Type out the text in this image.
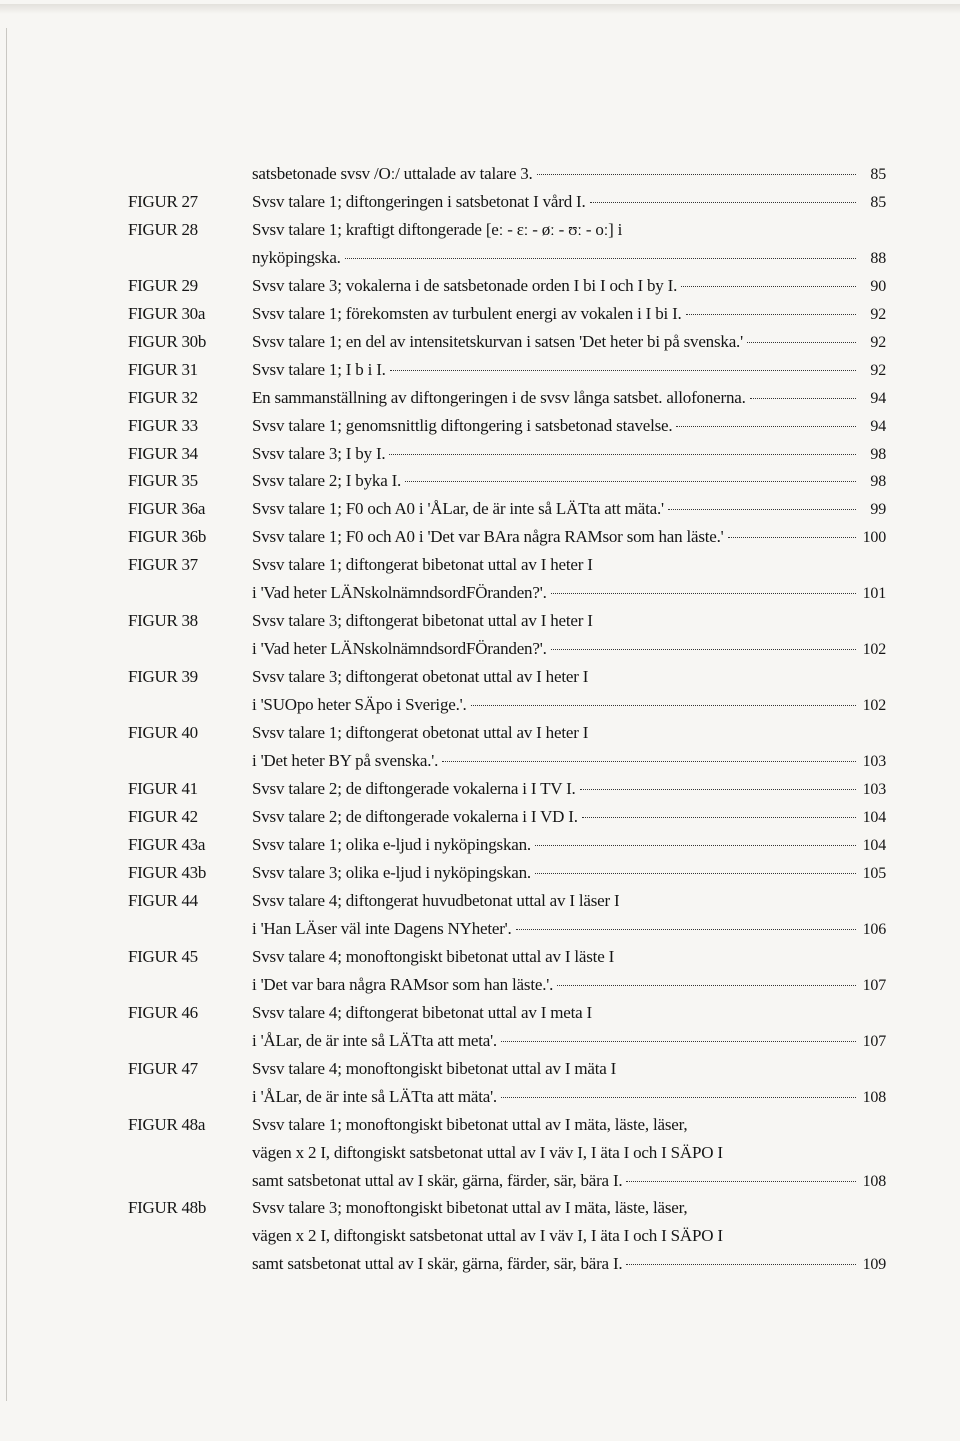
satsbetonade svsv /Oː/ uttalade av talare 3.	85
FIGUR 27	Svsv talare 1; diftongeringen i satsbetonat I vård I.	85
FIGUR 28	Svsv talare 1; kraftigt diftongerade [eː - ɛː - øː - ʊː - oː] i
nyköpingska.	88
FIGUR 29	Svsv talare 3; vokalerna i de satsbetonade orden I bi I och I by I.	90
FIGUR 30a	Svsv talare 1; förekomsten av turbulent energi av vokalen i I bi I.	92
FIGUR 30b	Svsv talare 1; en del av intensitetskurvan i satsen 'Det heter bi på svenska.'	92
FIGUR 31	Svsv talare 1; I b i I.	92
FIGUR 32	En sammanställning av diftongeringen i de svsv långa satsbet. allofonerna.	94
FIGUR 33	Svsv talare 1; genomsnittlig diftongering i satsbetonad stavelse.	94
FIGUR 34	Svsv talare 3; I by I.	98
FIGUR 35	Svsv talare 2; I byka I.	98
FIGUR 36a	Svsv talare 1; F0 och A0 i 'ÅLar, de är inte så LÄTta att mäta.'	99
FIGUR 36b	Svsv talare 1; F0 och A0 i 'Det var BAra några RAMsor som han läste.'	100
FIGUR 37	Svsv talare 1; diftongerat bibetonat uttal av I heter I
i 'Vad heter LÄNskolnämndsordFÖranden?'.	101
FIGUR 38	Svsv talare 3; diftongerat bibetonat uttal av I heter I
i 'Vad heter LÄNskolnämndsordFÖranden?'.	102
FIGUR 39	Svsv talare 3; diftongerat obetonat uttal av I heter I
i 'SUOpo heter SÄpo i Sverige.'.	102
FIGUR 40	Svsv talare 1; diftongerat obetonat uttal av I heter I
i 'Det heter BY på svenska.'.	103
FIGUR 41	Svsv talare 2; de diftongerade vokalerna i I TV I.	103
FIGUR 42	Svsv talare 2; de diftongerade vokalerna i I VD I.	104
FIGUR 43a	Svsv talare 1; olika e-ljud i nyköpingskan.	104
FIGUR 43b	Svsv talare 3; olika e-ljud i nyköpingskan.	105
FIGUR 44	Svsv talare 4; diftongerat huvudbetonat uttal av I läser I
i 'Han LÄser väl inte Dagens NYheter'.	106
FIGUR 45	Svsv talare 4; monoftongiskt bibetonat uttal av I läste I
i 'Det var bara några RAMsor som han läste.'.	107
FIGUR 46	Svsv talare 4; diftongerat bibetonat uttal av I meta I
i 'ÅLar, de är inte så LÄTta att meta'.	107
FIGUR 47	Svsv talare 4; monoftongiskt bibetonat uttal av I mäta I
i 'ÅLar, de är inte så LÄTta att mäta'.	108
FIGUR 48a	Svsv talare 1; monoftongiskt bibetonat uttal av I mäta, läste, läser,
vägen x 2 I, diftongiskt satsbetonat uttal av I väv I, I äta I och I SÄPO I
samt satsbetonat uttal av I skär, gärna, färder, sär, bära I.	108
FIGUR 48b	Svsv talare 3; monoftongiskt bibetonat uttal av I mäta, läste, läser,
vägen x 2 I, diftongiskt satsbetonat uttal av I väv I, I äta I och I SÄPO I
samt satsbetonat uttal av I skär, gärna, färder, sär, bära I.	109
